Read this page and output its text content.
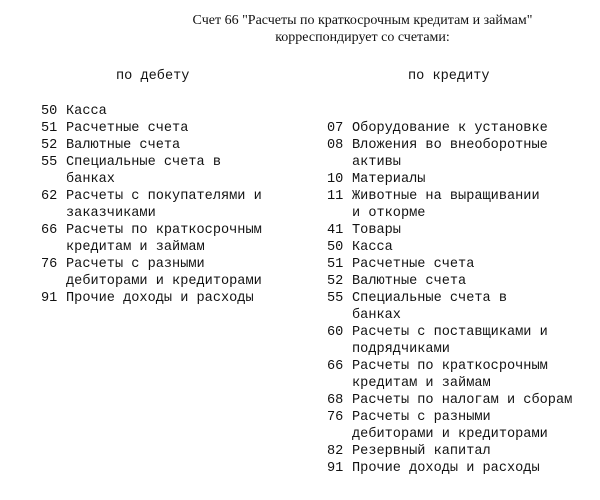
Счет 66 "Расчеты по краткосрочным кредитам и займам"
корреспондирует со счетами:
по дебету	по кредиту
50 Касса
51 Расчетные счета
52 Валютные счета
55 Специальные счета в
банках
62 Расчеты с покупателями и
заказчиками
66 Расчеты по краткосрочным
кредитам и займам
76 Расчеты с разными
дебиторами и кредиторами
91 Прочие доходы и расходы
07 Оборудование к установке
08 Вложения во внеоборотные
активы
10 Материалы
11 Животные на выращивании
и откорме
41 Товары
50 Касса
51 Расчетные счета
52 Валютные счета
55 Специальные счета в
банках
60 Расчеты с поставщиками и
подрядчиками
66 Расчеты по краткосрочным
кредитам и займам
68 Расчеты по налогам и сборам
76 Расчеты с разными
дебиторами и кредиторами
82 Резервный капитал
91 Прочие доходы и расходы
